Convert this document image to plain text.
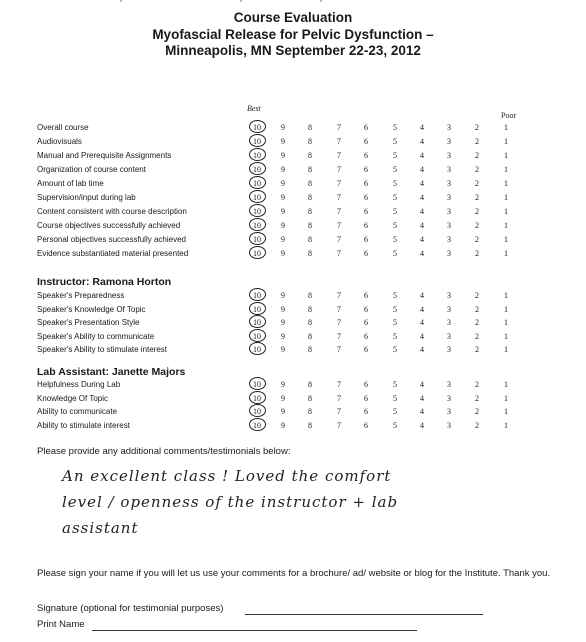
Course Evaluation
Myofascial Release for Pelvic Dysfunction –
Minneapolis, MN September 22-23, 2012
Best
Poor
Overall course	10	9	8	7	6	5	4	3	2	1
Audiovisuals	10	9	8	7	6	5	4	3	2	1
Manual and Prerequisite Assignments	10	9	8	7	6	5	4	3	2	1
Organization of course content	10	9	8	7	6	5	4	3	2	1
Amount of lab time	10	9	8	7	6	5	4	3	2	1
Supervision/input during lab	10	9	8	7	6	5	4	3	2	1
Content consistent with course description	10	9	8	7	6	5	4	3	2	1
Course objectives successfully achieved	10	9	8	7	6	5	4	3	2	1
Personal objectives successfully achieved	10	9	8	7	6	5	4	3	2	1
Evidence substantiated material presented	10	9	8	7	6	5	4	3	2	1
Instructor: Ramona Horton
Speaker's Preparedness	10	9	8	7	6	5	4	3	2	1
Speaker's Knowledge Of Topic	10	9	8	7	6	5	4	3	2	1
Speaker's Presentation Style	10	9	8	7	6	5	4	3	2	1
Speaker's Ability to communicate	10	9	8	7	6	5	4	3	2	1
Speaker's Ability to stimulate interest	10	9	8	7	6	5	4	3	2	1
Lab Assistant: Janette Majors
Helpfulness During Lab	10	9	8	7	6	5	4	3	2	1
Knowledge Of Topic	10	9	8	7	6	5	4	3	2	1
Ability to communicate	10	9	8	7	6	5	4	3	2	1
Ability to stimulate interest	10	9	8	7	6	5	4	3	2	1
Please provide any additional comments/testimonials below:
An excellent class ! Loved the comfort
level / openness of the instructor + lab
assistant
Please sign your name if you will let us use your comments for a brochure/ ad/ website or blog for the Institute. Thank you.
Signature (optional for testimonial purposes)
Print Name
